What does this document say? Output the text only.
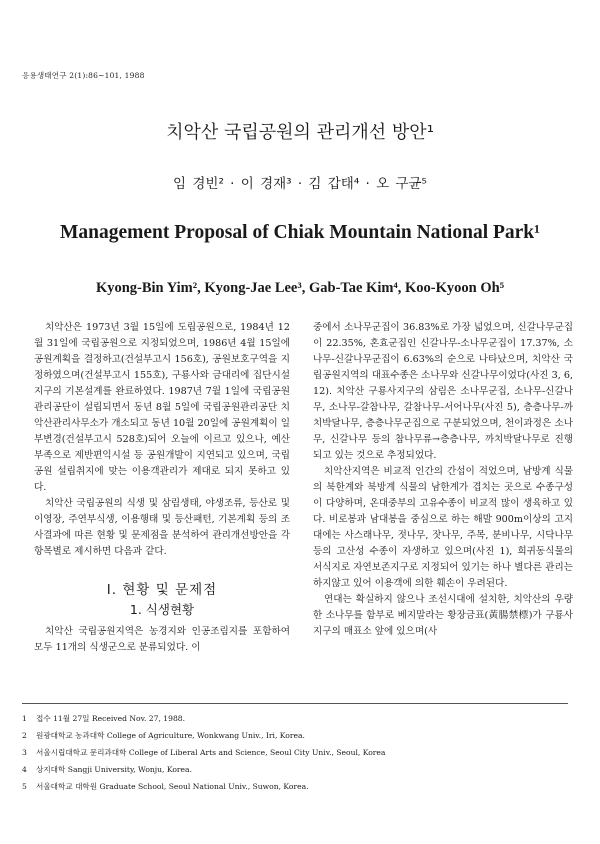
응용생태연구 2(1):86~101, 1988
치악산 국립공원의 관리개선 방안¹
임 경빈² · 이 경재³ · 김 갑태⁴ · 오 구균⁵
Management Proposal of Chiak Mountain National Park¹
Kyong-Bin Yim², Kyong-Jae Lee³, Gab-Tae Kim⁴, Koo-Kyoon Oh⁵

치악산은 1973년 3월 15일에 도립공원으로, 1984년 12월 31일에 국립공원으로 지정되었으며, 1986년 4월 15일에 공원계획을 결정하고(건설부고시 156호), 공원보호구역을 지정하였으며(건설부고시 155호), 구룡사와 금대리에 집단시설지구의 기본설계를 완료하였다. 1987년 7월 1일에 국립공원관리공단이 설립되면서 동년 8월 5일에 국립공원관리공단 치악산관리사무소가 개소되고 동년 10월 20일에 공원계획이 일부변경(건설부고시 528호)되어 오늘에 이르고 있으나, 예산부족으로 제반편익시설 등 공원개발이 지연되고 있으며, 국립공원 설립취지에 맞는 이용객관리가 제대로 되지 못하고 있다.

치악산 국립공원의 식생 및 삼림생태, 야생조류, 등산로 및 이영장, 주연부식생, 이용행태 및 등산패턴, 기본계획 등의 조사결과에 따른 현황 및 문제점을 분석하여 관리개선방안을 각 항목별로 제시하면 다음과 같다.

Ⅰ. 현황 및 문제점
1. 식생현황

치악산 국립공원지역은 농경지와 인공조림지를 포함하여 모두 11개의 식생군으로 분류되었다. 이

중에서 소나무군집이 36.83%로 가장 넓었으며, 신갈나무군집이 22.35%, 혼효군집인 신갈나무-소나무군집이 17.37%, 소나무-신갈나무군집이 6.63%의 순으로 나타났으며, 치악산 국립공원지역의 대표수종은 소나무와 신갈나무이었다(사진 3, 6, 12). 치악산 구룡사지구의 삼림은 소나무군집, 소나무-신갈나무, 소나무-갈참나무, 갈참나무-서어나무(사진 5), 층층나무-까치박달나무, 층층나무군집으로 구분되었으며, 천이과정은 소나무, 신갈나무 등의 참나무류→층층나무, 까치박달나무로 진행되고 있는 것으로 추정되었다.

치악산지역은 비교적 인간의 간섭이 적었으며, 남방계 식물의 북한계와 북방계 식물의 남한계가 겹치는 곳으로 수종구성이 다양하며, 온대중부의 고유수종이 비교적 많이 생육하고 있다. 비로봉과 남대봉을 중심으로 하는 해발 900m이상의 고지대에는 사스래나무, 젓나무, 잣나무, 주목, 분비나무, 시닥나무 등의 고산성 수종이 자생하고 있으며(사진 1), 희귀동식물의 서식지로 자연보존지구로 지정되어 있기는 하나 별다른 관리는 하지않고 있어 이용객에 의한 훼손이 우려된다.

연대는 확실하지 않으나 조선시대에 설치한, 치악산의 우량한 소나무를 함부로 베지말라는 황장금표(黃腸禁標)가 구룡사지구의 매표소 앞에 있으며(사

1 접수 11월 27일 Received Nov. 27, 1988.

2 원광대학교 농과대학 College of Agriculture, Wonkwang Univ., Iri, Korea.

3 서울시립대학교 문리과대학 College of Liberal Arts and Science, Seoul City Univ., Seoul, Korea

4 상지대학 Sangji University, Wonju, Korea.

5 서울대학교 대학원 Graduate School, Seoul National Univ., Suwon, Korea.
